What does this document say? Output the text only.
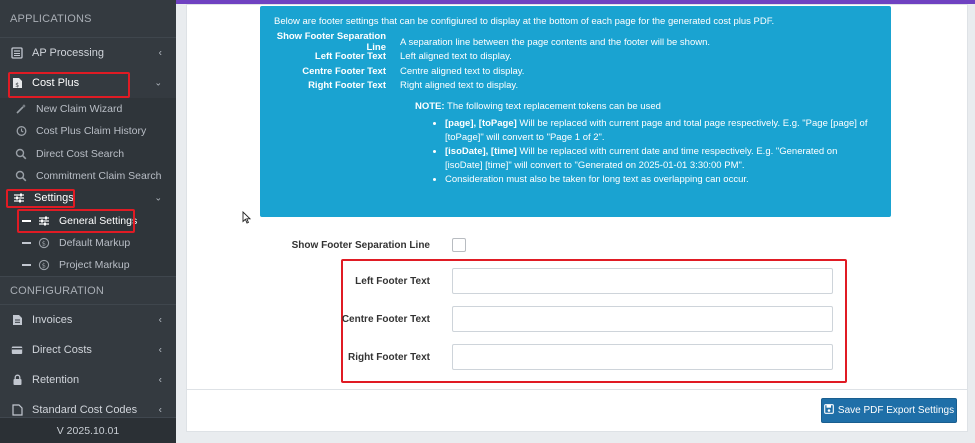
APPLICATIONS
AP Processing	‹
$ Cost Plus	⌄
New Claim Wizard
Cost Plus Claim History
Direct Cost Search
Commitment Claim Search
Settings	⌄
General Settings
$ Default Markup
$ Project Markup
CONFIGURATION
Invoices	‹
Direct Costs	‹
Retention	‹
Standard Cost Codes ‹
V 2025.10.01
Below are footer settings that can be configiured to display at the bottom of each page for the generated cost plus PDF.
Show Footer Separation Line	A separation line between the page contents and the footer will be shown.
Left Footer Text	Left aligned text to display.
Centre Footer Text	Centre aligned text to display.
Right Footer Text	Right aligned text to display.
NOTE: The following text replacement tokens can be used
• [page], [toPage] Will be replaced with current page and total page respectively. E.g. "Page [page] of [toPage]" will convert to "Page 1 of 2".
• [isoDate], [time] Will be replaced with current date and time respectively. E.g. "Generated on [isoDate] [time]" will convert to "Generated on 2025-01-01 3:30:00 PM".
• Consideration must also be taken for long text as overlapping can occur.
Show Footer Separation Line
Left Footer Text
Centre Footer Text
Right Footer Text
Save PDF Export Settings
